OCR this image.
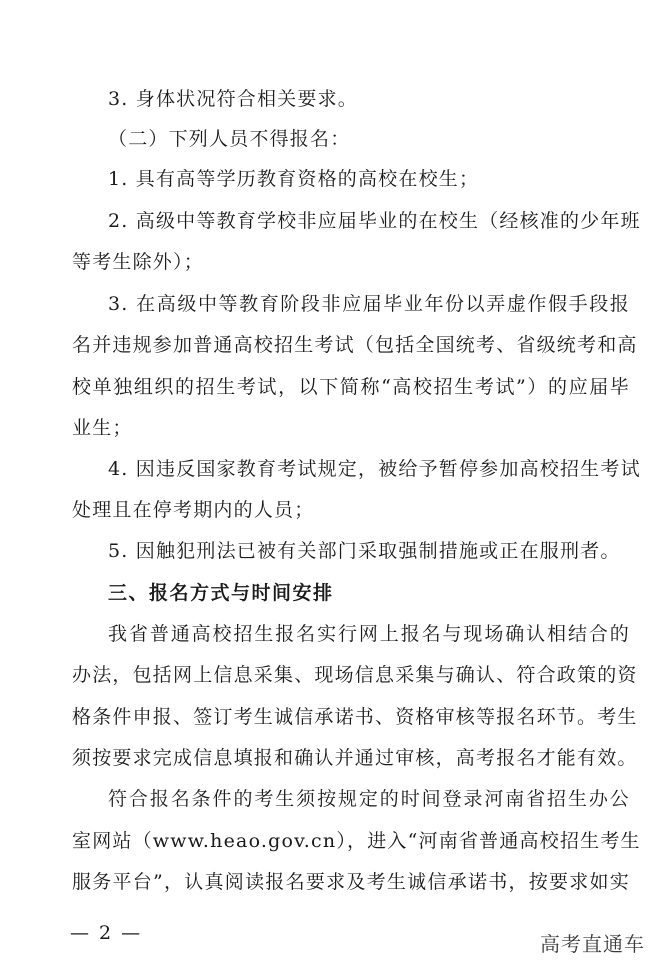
3. 身体状况符合相关要求。
（二）下列人员不得报名：
1. 具有高等学历教育资格的高校在校生；
2. 高级中等教育学校非应届毕业的在校生（经核准的少年班
等考生除外）；
3. 在高级中等教育阶段非应届毕业年份以弄虚作假手段报
名并违规参加普通高校招生考试（包括全国统考、省级统考和高
校单独组织的招生考试，以下简称“高校招生考试”）的应届毕
业生；
4. 因违反国家教育考试规定，被给予暂停参加高校招生考试
处理且在停考期内的人员；
5. 因触犯刑法已被有关部门采取强制措施或正在服刑者。
三、报名方式与时间安排
我省普通高校招生报名实行网上报名与现场确认相结合的
办法，包括网上信息采集、现场信息采集与确认、符合政策的资
格条件申报、签订考生诚信承诺书、资格审核等报名环节。考生
须按要求完成信息填报和确认并通过审核，高考报名才能有效。
符合报名条件的考生须按规定的时间登录河南省招生办公
室网站（www.heao.gov.cn），进入“河南省普通高校招生考生
服务平台”，认真阅读报名要求及考生诚信承诺书，按要求如实
— 2 —	高考直通车
